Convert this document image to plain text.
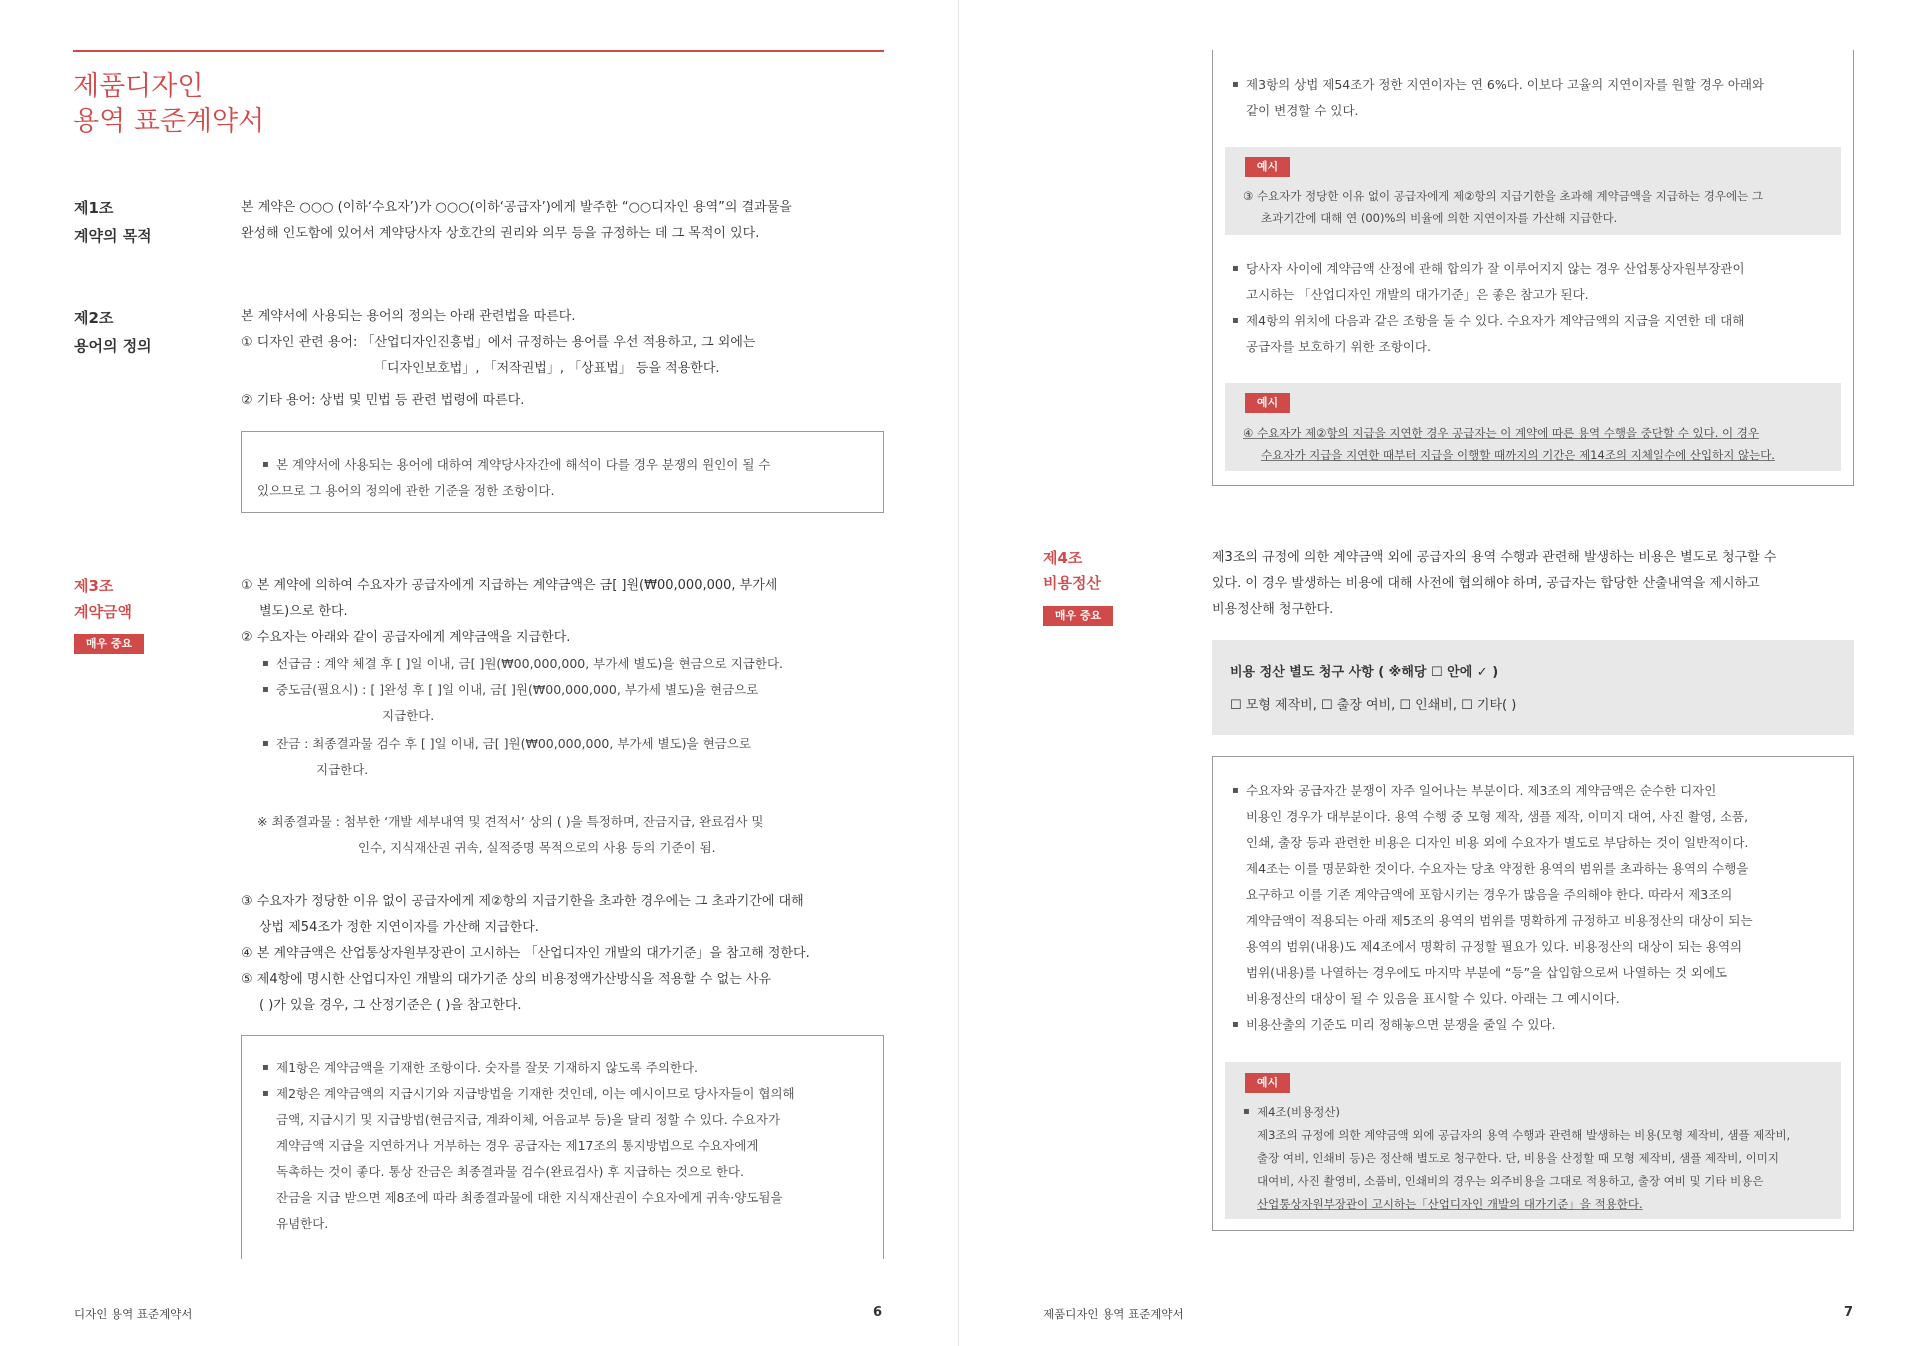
제품디자인
용역 표준계약서
제1조
계약의 목적
본 계약은 ○○○ (이하‘수요자’)가 ○○○(이하‘공급자’)에게 발주한 “○○디자인 용역”의 결과물을
완성해 인도함에 있어서 계약당사자 상호간의 권리와 의무 등을 규정하는 데 그 목적이 있다.
제2조
용어의 정의
본 계약서에 사용되는 용어의 정의는 아래 관련법을 따른다.
① 디자인 관련 용어: 「산업디자인진흥법」에서 규정하는 용어를 우선 적용하고, 그 외에는
「디자인보호법」, 「저작권법」, 「상표법」 등을 적용한다.
② 기타 용어: 상법 및 민법 등 관련 법령에 따른다.
▪ 본 계약서에 사용되는 용어에 대하여 계약당사자간에 해석이 다를 경우 분쟁의 원인이 될 수
있으므로 그 용어의 정의에 관한 기준을 정한 조항이다.
제3조
계약금액
매우 중요
① 본 계약에 의하여 수요자가 공급자에게 지급하는 계약금액은 금[ ]원(₩00,000,000, 부가세
별도)으로 한다.
② 수요자는 아래와 같이 공급자에게 계약금액을 지급한다.
▪ 선급금 : 계약 체결 후 [ ]일 이내, 금[ ]원(₩00,000,000, 부가세 별도)을 현금으로 지급한다.
▪ 중도금(필요시) : [ ]완성 후 [ ]일 이내, 금[ ]원(₩00,000,000, 부가세 별도)을 현금으로
지급한다.
▪ 잔금 : 최종결과물 검수 후 [ ]일 이내, 금[ ]원(₩00,000,000, 부가세 별도)을 현금으로
지급한다.
※ 최종결과물 : 첨부한 ‘개발 세부내역 및 견적서’ 상의 ( )을 특정하며, 잔금지급, 완료검사 및
인수, 지식재산권 귀속, 실적증명 목적으로의 사용 등의 기준이 됨.
③ 수요자가 정당한 이유 없이 공급자에게 제②항의 지급기한을 초과한 경우에는 그 초과기간에 대해
상법 제54조가 정한 지연이자를 가산해 지급한다.
④ 본 계약금액은 산업통상자원부장관이 고시하는 「산업디자인 개발의 대가기준」을 참고해 정한다.
⑤ 제4항에 명시한 산업디자인 개발의 대가기준 상의 비용정액가산방식을 적용할 수 없는 사유
( )가 있을 경우, 그 산정기준은 ( )을 참고한다.
▪ 제1항은 계약금액을 기재한 조항이다. 숫자를 잘못 기재하지 않도록 주의한다.
▪ 제2항은 계약금액의 지급시기와 지급방법을 기재한 것인데, 이는 예시이므로 당사자들이 협의해
금액, 지급시기 및 지급방법(현금지급, 계좌이체, 어음교부 등)을 달리 정할 수 있다. 수요자가
계약금액 지급을 지연하거나 거부하는 경우 공급자는 제17조의 통지방법으로 수요자에게
독촉하는 것이 좋다. 통상 잔금은 최종결과물 검수(완료검사) 후 지급하는 것으로 한다.
잔금을 지급 받으면 제8조에 따라 최종결과물에 대한 지식재산권이 수요자에게 귀속·양도됨을
유념한다.
디자인 용역 표준계약서	6
▪ 제3항의 상법 제54조가 정한 지연이자는 연 6%다. 이보다 고율의 지연이자를 원할 경우 아래와
같이 변경할 수 있다.
예시
③ 수요자가 정당한 이유 없이 공급자에게 제②항의 지급기한을 초과해 계약금액을 지급하는 경우에는 그
초과기간에 대해 연 (00)%의 비율에 의한 지연이자를 가산해 지급한다.
▪ 당사자 사이에 계약금액 산정에 관해 합의가 잘 이루어지지 않는 경우 산업통상자원부장관이
고시하는 「산업디자인 개발의 대가기준」은 좋은 참고가 된다.
▪ 제4항의 위치에 다음과 같은 조항을 둘 수 있다. 수요자가 계약금액의 지급을 지연한 데 대해
공급자를 보호하기 위한 조항이다.
예시
④ 수요자가 제②항의 지급을 지연한 경우 공급자는 이 계약에 따른 용역 수행을 중단할 수 있다. 이 경우
수요자가 지급을 지연한 때부터 지급을 이행할 때까지의 기간은 제14조의 지체일수에 산입하지 않는다.
제4조
비용정산
매우 중요
제3조의 규정에 의한 계약금액 외에 공급자의 용역 수행과 관련해 발생하는 비용은 별도로 청구할 수
있다. 이 경우 발생하는 비용에 대해 사전에 협의해야 하며, 공급자는 합당한 산출내역을 제시하고
비용정산해 청구한다.
비용 정산 별도 청구 사항 ( ※해당 ☐ 안에 ✓ )
☐ 모형 제작비, ☐ 출장 여비, ☐ 인쇄비, ☐ 기타( )
▪ 수요자와 공급자간 분쟁이 자주 일어나는 부분이다. 제3조의 계약금액은 순수한 디자인
비용인 경우가 대부분이다. 용역 수행 중 모형 제작, 샘플 제작, 이미지 대여, 사진 촬영, 소품,
인쇄, 출장 등과 관련한 비용은 디자인 비용 외에 수요자가 별도로 부담하는 것이 일반적이다.
제4조는 이를 명문화한 것이다. 수요자는 당초 약정한 용역의 범위를 초과하는 용역의 수행을
요구하고 이를 기존 계약금액에 포함시키는 경우가 많음을 주의해야 한다. 따라서 제3조의
계약금액이 적용되는 아래 제5조의 용역의 범위를 명확하게 규정하고 비용정산의 대상이 되는
용역의 범위(내용)도 제4조에서 명확히 규정할 필요가 있다. 비용정산의 대상이 되는 용역의
범위(내용)를 나열하는 경우에도 마지막 부분에 “등”을 삽입함으로써 나열하는 것 외에도
비용정산의 대상이 될 수 있음을 표시할 수 있다. 아래는 그 예시이다.
▪ 비용산출의 기준도 미리 정해놓으면 분쟁을 줄일 수 있다.
예시
▪ 제4조(비용정산)
제3조의 규정에 의한 계약금액 외에 공급자의 용역 수행과 관련해 발생하는 비용(모형 제작비, 샘플 제작비,
출장 여비, 인쇄비 등)은 정산해 별도로 청구한다. 단, 비용을 산정할 때 모형 제작비, 샘플 제작비, 이미지
대여비, 사진 촬영비, 소품비, 인쇄비의 경우는 외주비용을 그대로 적용하고, 출장 여비 및 기타 비용은
산업통상자원부장관이 고시하는「산업디자인 개발의 대가기준」을 적용한다.
제품디자인 용역 표준계약서	7
